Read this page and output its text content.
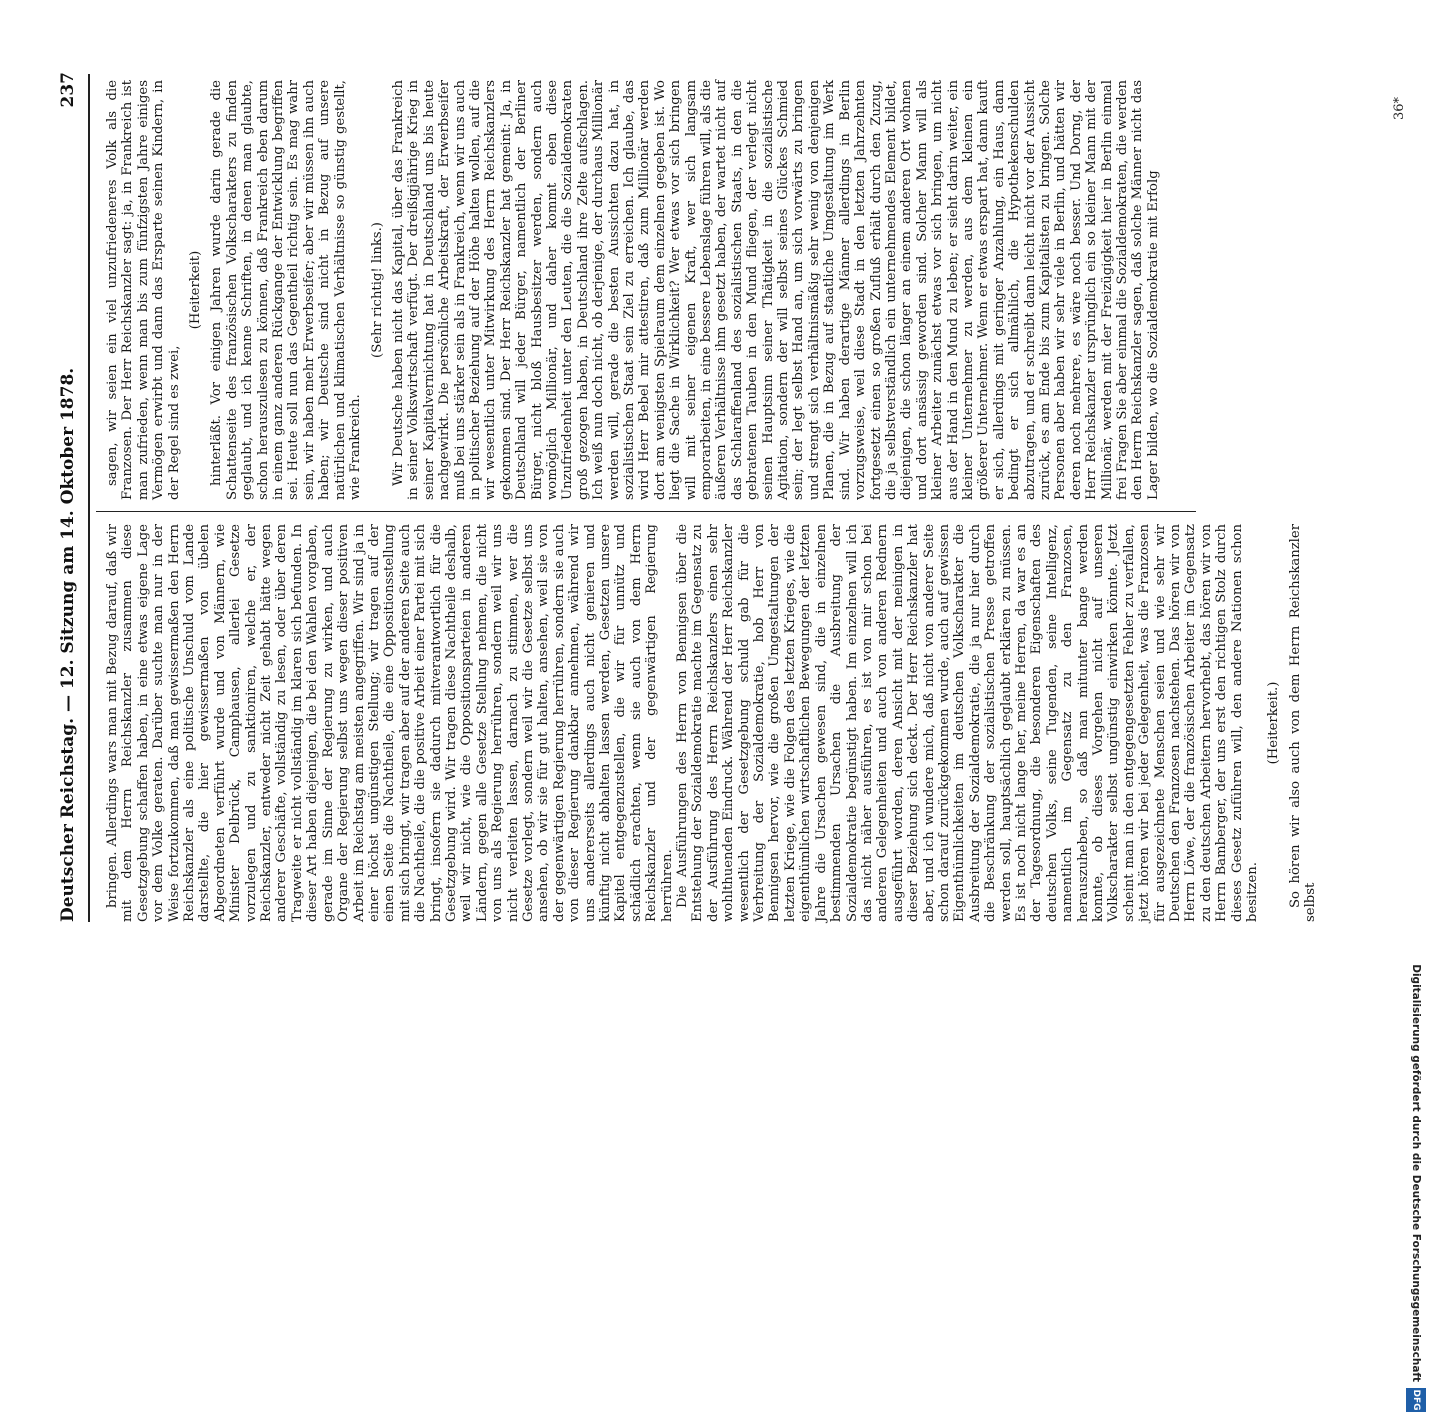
Deutscher Reichstag. — 12. Sitzung am 14. Oktober 1878.
237

bringen. Allerdings wars man mit Bezug darauf, daß wir mit dem Herrn Reichskanzler zusammen diese Gesetzgebung schaffen haben, in eine etwas eigene Lage vor dem Volke geraten. Darüber suchte man nur in der Weise fortzukommen, daß man gewissermaßen den Herrn Reichskanzler als eine politische Unschuld vom Lande darstellte, die hier gewissermaßen von übelen Abgeordneten verführt wurde und von Männern, wie Minister Delbrück, Camphausen, allerlei Gesetze vorzulegen und zu sanktioniren, welche er, der Reichskanzler, entweder nicht Zeit gehabt hätte wegen anderer Geschäfte, vollständig zu lesen, oder über deren Tragweite er nicht vollständig im klaren sich befunden. In dieser Art haben diejenigen, die bei den Wahlen vorgaben, gerade im Sinne der Regierung zu wirken, und auch Organe der Regierung selbst uns wegen dieser positiven Arbeit im Reichstag am meisten angegriffen. Wir sind ja in einer höchst ungünstigen Stellung; wir tragen auf der einen Seite die Nachtheile, die eine Oppositionsstellung mit sich bringt, wir tragen aber auf der anderen Seite auch die Nachtheile, die die positive Arbeit einer Partei mit sich bringt, insofern sie dadurch mitverantwortlich für die Gesetzgebung wird. Wir tragen diese Nachtheile deshalb, weil wir nicht, wie die Oppositionsparteien in anderen Ländern, gegen alle Gesetze Stellung nehmen, die nicht von uns als Regierung herrühren, sondern weil wir uns nicht verleiten lassen, darnach zu stimmen, wer die Gesetze vorlegt, sondern weil wir die Gesetze selbst uns ansehen, ob wir sie für gut halten, ansehen, weil sie von der gegenwärtigen Regierung herrühren, sondern sie auch von dieser Regierung dankbar annehmen, während wir uns andererseits allerdings auch nicht genieren und künftig nicht abhalten lassen werden, Gesetzen unsere Kapitel entgegenzustellen, die wir für unnütz und schädlich erachten, wenn sie auch von dem Herrn Reichskanzler und der gegenwärtigen Regierung herrühren. Die Ausführungen des Herrn von Bennigsen über die Entstehung der Sozialdemokratie machte im Gegensatz zu der Ausführung des Herrn Reichskanzlers einen sehr wohlthuenden Eindruck. Während der Herr Reichskanzler wesentlich der Gesetzgebung schuld gab für die Verbreitung der Sozialdemokratie, hob Herr von Bennigsen hervor, wie die großen Umgestaltungen der letzten Kriege, wie die Folgen des letzten Krieges, wie die eigenthümlichen wirtschaftlichen Bewegungen der letzten Jahre die Ursachen gewesen sind, die in einzelnen bestimmenden Ursachen die Ausbreitung der Sozialdemokratie begünstigt haben. Im einzelnen will ich das nicht näher ausführen, es ist von mir schon bei anderen Gelegenheiten und auch von anderen Rednern ausgeführt worden, deren Ansicht mit der meinigen in dieser Beziehung sich deckt. Der Herr Reichskanzler hat aber, und ich wundere mich, daß nicht von anderer Seite schon darauf zurückgekommen wurde, auch auf gewissen Eigenthümlichkeiten im deutschen Volkscharakter die Ausbreitung der Sozialdemokratie, die ja nur hier durch die Beschränkung der sozialistischen Presse getroffen werden soll, hauptsächlich geglaubt erklären zu müssen. Es ist noch nicht lange her, meine Herren, da war es an der Tagesordnung, die besonderen Eigenschaften des deutschen Volks, seine Tugenden, seine Intelligenz, namentlich im Gegensatz zu den Franzosen, herauszuheben, so daß man mitunter bange werden konnte, ob dieses Vorgehen nicht auf unseren Volkscharakter selbst ungünstig einwirken könnte. Jetzt scheint man in den entgegengesetzten Fehler zu verfallen, jetzt hören wir bei jeder Gelegenheit, was die Franzosen für ausgezeichnete Menschen seien und wie sehr wir Deutschen den Franzosen nachstehen. Das hören wir von Herrn Löwe, der die französischen Arbeiter im Gegensatz zu den deutschen Arbeitern hervorhebt, das hören wir von Herrn Bamberger, der uns erst den richtigen Stolz durch dieses Gesetz zuführen will, den andere Nationen schon besitzen.

(Heiterkeit.) So hören wir also auch von dem Herrn Reichskanzler selbst

sagen, wir seien ein viel unzufriedeneres Volk als die Franzosen. Der Herr Reichskanzler sagt: ja, in Frankreich ist man zufrieden, wenn man bis zum fünfzigsten Jahre einiges Vermögen erwirbt und dann das Ersparte seinen Kindern, in der Regel sind es zwei,

(Heiterkeit) hinterläßt. Vor einigen Jahren wurde darin gerade die Schattenseite des französischen Volkscharakters zu finden geglaubt, und ich kenne Schriften, in denen man glaubte, schon herauszulesen zu können, daß Frankreich eben darum in einem ganz anderen Rückgange der Entwicklung begriffen sei. Heute soll nun das Gegentheil richtig sein. Es mag wahr sein, wir haben mehr Erwerbseifer; aber wir müssen ihn auch haben; wir Deutsche sind nicht in Bezug auf unsere natürlichen und klimatischen Verhältnisse so günstig gestellt, wie Frankreich.

(Sehr richtig! links.) Wir Deutsche haben nicht das Kapital, über das Frankreich in seiner Volkswirtschaft verfügt. Der dreißigjährige Krieg in seiner Kapitalvernichtung hat in Deutschland uns bis heute nachgewirkt. Die persönliche Arbeitskraft, der Erwerbseifer muß bei uns stärker sein als in Frankreich, wenn wir uns auch in politischer Beziehung auf der Höhe halten wollen, auf die wir wesentlich unter Mitwirkung des Herrn Reichskanzlers gekommen sind. Der Herr Reichskanzler hat gemeint: Ja, in Deutschland will jeder Bürger, namentlich der Berliner Bürger, nicht bloß Hausbesitzer werden, sondern auch womöglich Millionär, und daher kommt eben diese Unzufriedenheit unter den Leuten, die die Sozialdemokraten groß gezogen haben, in Deutschland ihre Zelte aufschlagen. Ich weiß nun doch nicht, ob derjenige, der durchaus Millionär werden will, gerade die besten Aussichten dazu hat, in sozialistischen Staat sein Ziel zu erreichen. Ich glaube, das wird Herr Bebel mir attestiren, daß zum Millionär werden dort am wenigsten Spielraum dem einzelnen gegeben ist. Wo liegt die Sache in Wirklichkeit? Wer etwas vor sich bringen will mit seiner eigenen Kraft, wer sich langsam emporarbeiten, in eine bessere Lebenslage führen will, als die äußeren Verhältnisse ihm gesetzt haben, der wartet nicht auf das Schlaraffenland des sozialistischen Staats, in den die gebratenen Tauben in den Mund fliegen, der verlegt nicht seinen Hauptsinn seiner Thätigkeit in die sozialistische Agitation, sondern der will selbst seines Glückes Schmied sein; der legt selbst Hand an, um sich vorwärts zu bringen und strengt sich verhältnismäßig sehr wenig von denjenigen Planen, die in Bezug auf staatliche Umgestaltung im Werk sind. Wir haben derartige Männer allerdings in Berlin vorzugsweise, weil diese Stadt in den letzten Jahrzehnten fortgesetzt einen so großen Zufluß erhält durch den Zuzug, die ja selbstverständlich ein unternehmendes Element bildet, diejenigen, die schon länger an einem anderen Ort wohnen und dort ansässig geworden sind. Solcher Mann will als kleiner Arbeiter zunächst etwas vor sich bringen, um nicht aus der Hand in den Mund zu leben; er sieht darin weiter, ein kleiner Unternehmer zu werden, aus dem kleinen ein größerer Unternehmer. Wenn er etwas erspart hat, dann kauft er sich, allerdings mit geringer Anzahlung, ein Haus, dann bedingt er sich allmählich, die Hypothekenschulden abzutragen, und er schreibt dann leicht nicht vor der Aussicht zurück, es am Ende bis zum Kapitalisten zu bringen. Solche Personen aber haben wir sehr viele in Berlin, und hätten wir deren noch mehrere, es wäre noch besser. Und Dorng, der Herr Reichskanzler ursprünglich ein so kleiner Mann mit der Millionär, werden mit der Freizügigkeit hier in Berlin einmal frei Fragen Sie aber einmal die Sozialdemokraten, die werden den Herrn Reichskanzler sagen, daß solche Männer nicht das Lager bilden, wo die Sozialdemokratie mit Erfolg

36*
Digitalisierung gefördert durch die Deutsche Forschungsgemeinschaft
DFG
